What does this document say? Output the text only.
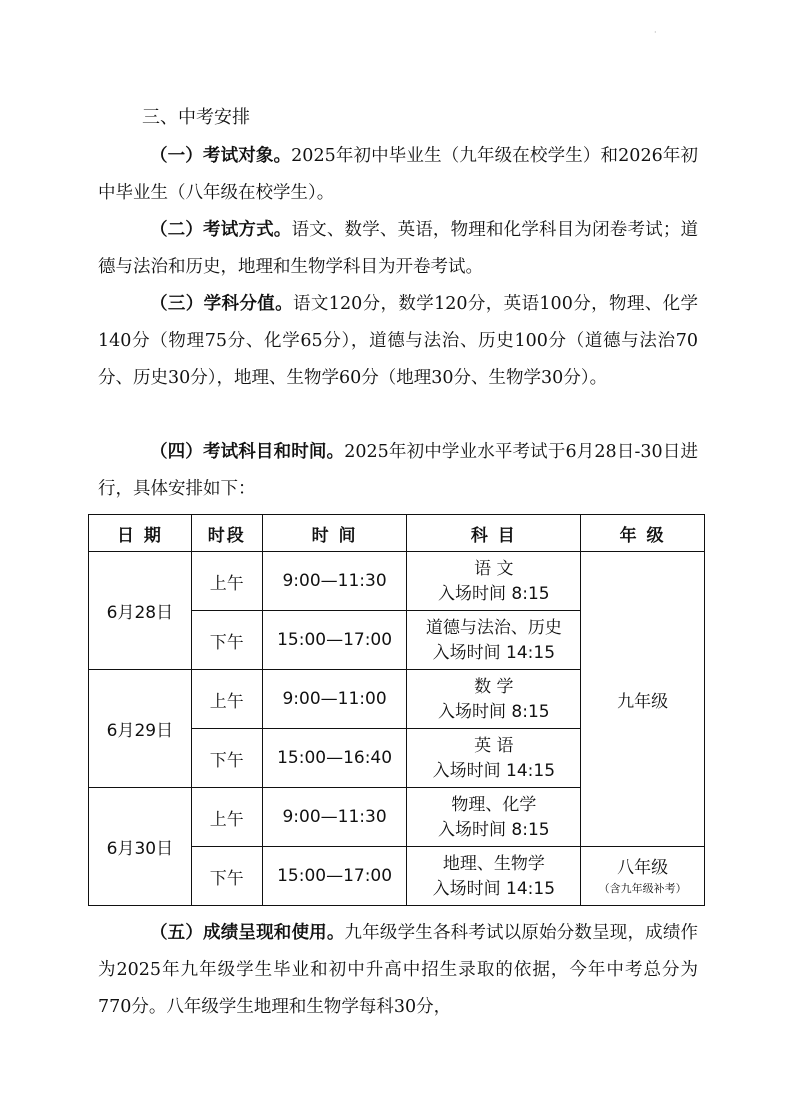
·
三、中考安排

（一）考试对象。2025年初中毕业生（九年级在校学生）和2026年初中毕业生（八年级在校学生）。

（二）考试方式。语文、数学、英语，物理和化学科目为闭卷考试；道德与法治和历史，地理和生物学科目为开卷考试。

（三）学科分值。语文120分，数学120分，英语100分，物理、化学140分（物理75分、化学65分），道德与法治、历史100分（道德与法治70分、历史30分），地理、生物学60分（地理30分、生物学30分）。

（四）考试科目和时间。2025年初中学业水平考试于6月28日-30日进行，具体安排如下：

日 期	时段	时 间	科 目	年 级
6月28日	上午	9:00—11:30	语 文
入场时间 8:15	九年级
	下午	15:00—17:00	道德与法治、历史
入场时间 14:15	

6月29日	上午	9:00—11:00	数 学
入场时间 8:15	

	下午	15:00—16:40	英 语
入场时间 14:15	

6月30日	上午	9:00—11:30	物理、化学
入场时间 8:15	

	下午	15:00—17:00	地理、生物学
入场时间 14:15	八年级
（含九年级补考）

（五）成绩呈现和使用。九年级学生各科考试以原始分数呈现，成绩作为2025年九年级学生毕业和初中升高中招生录取的依据，今年中考总分为770分。八年级学生地理和生物学每科30分，
